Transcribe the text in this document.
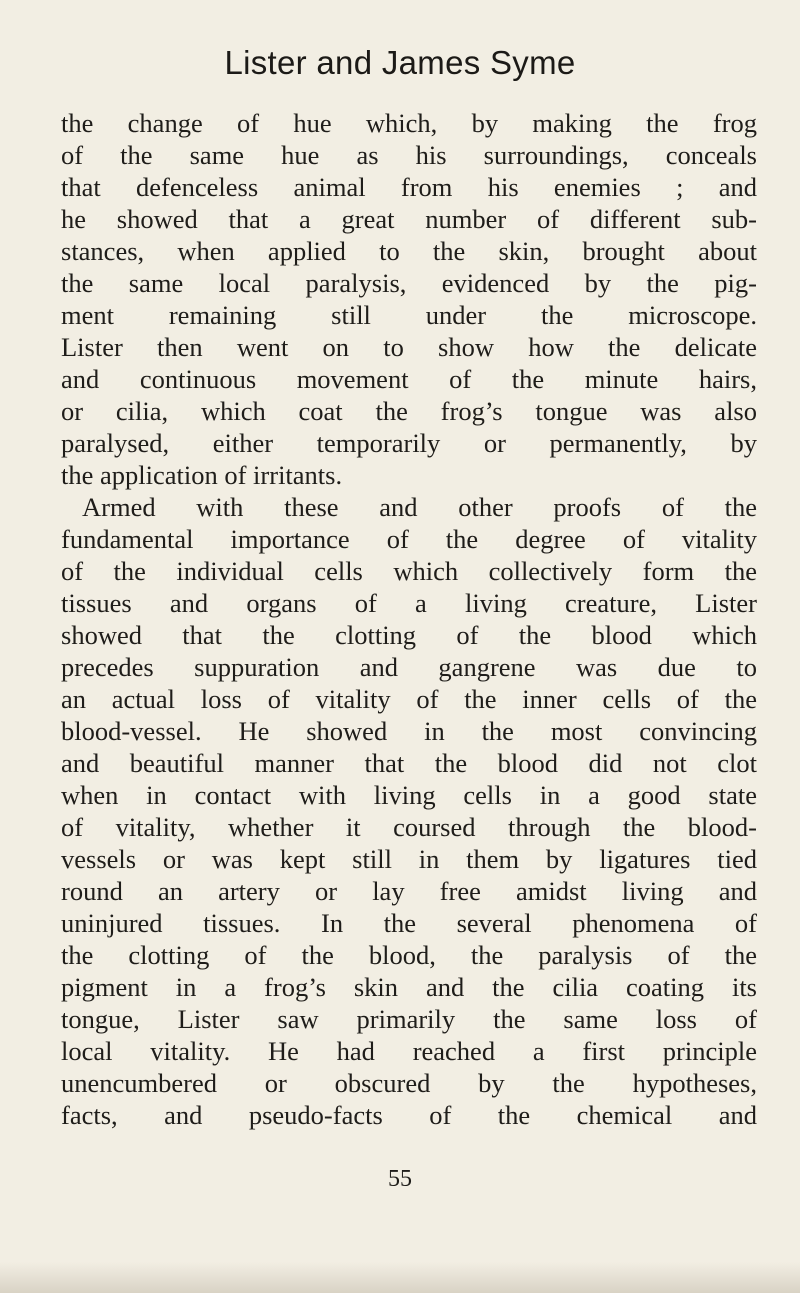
Lister and James Syme
the change of hue which, by making the frog
of the same hue as his surroundings, conceals
that defenceless animal from his enemies ; and
he showed that a great number of different sub-
stances, when applied to the skin, brought about
the same local paralysis, evidenced by the pig-
ment remaining still under the microscope.
Lister then went on to show how the delicate
and continuous movement of the minute hairs,
or cilia, which coat the frog’s tongue was also
paralysed, either temporarily or permanently, by
the application of irritants.
Armed with these and other proofs of the
fundamental importance of the degree of vitality
of the individual cells which collectively form the
tissues and organs of a living creature, Lister
showed that the clotting of the blood which
precedes suppuration and gangrene was due to
an actual loss of vitality of the inner cells of the
blood-vessel. He showed in the most convincing
and beautiful manner that the blood did not clot
when in contact with living cells in a good state
of vitality, whether it coursed through the blood-
vessels or was kept still in them by ligatures tied
round an artery or lay free amidst living and
uninjured tissues. In the several phenomena of
the clotting of the blood, the paralysis of the
pigment in a frog’s skin and the cilia coating its
tongue, Lister saw primarily the same loss of
local vitality. He had reached a first principle
unencumbered or obscured by the hypotheses,
facts, and pseudo-facts of the chemical and
55
